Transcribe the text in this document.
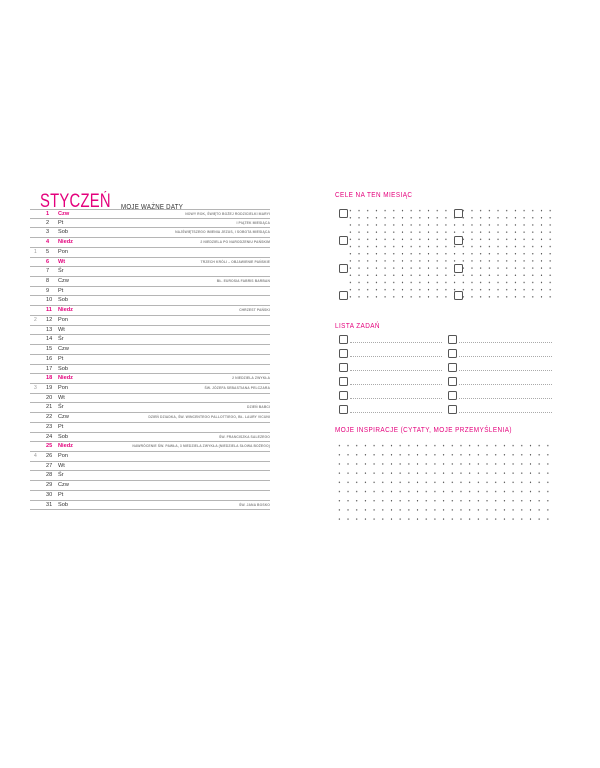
STYCZEŃ MOJE WAŻNE DATY
1 Czw	NOWY ROK, ŚWIĘTO BOŻEJ RODZICIELKI MARYI
2 Pt	I PIĄTEK MIESIĄCA
3 Sob	NAJŚWIĘTSZEGO IMIENIA JEZUS, I SOBOTA MIESIĄCA
4 Niedz	2 NIEDZIELA PO NARODZENIU PAŃSKIM
1 5 Pon
6 Wt	TRZECH KRÓLI – OBJAWIENIE PAŃSKIE
7 Śr
8 Czw	BŁ. EUROSIA FABRIS BARBAN
9 Pt
10 Sob
11 Niedz	CHRZEST PAŃSKI
2 12 Pon
13 Wt
14 Śr
15 Czw
16 Pt
17 Sob
18 Niedz	2 NIEDZIELA ZWYKŁA
3 19 Pon	ŚW. JÓZEFA SEBASTIANA PELCZARA
20 Wt
21 Śr	DZIEŃ BABCI
22 Czw	DZIEŃ DZIADKA, ŚW. WINCENTEGO PALLOTTIEGO, BŁ. LAURY VICUNI
23 Pt
24 Sob	ŚW. FRANCISZKA SALEZEGO
25 Niedz	NAWRÓCENIE ŚW. PAWŁA, 3 NIEDZIELA ZWYKŁA (NIEDZIELA SŁOWA BOŻEGO)
4 26 Pon
27 Wt
28 Śr
29 Czw
30 Pt
31 Sob	ŚW. JANA BOSKO
CELE NA TEN MIESIĄC
LISTA ZADAŃ
MOJE INSPIRACJE (CYTATY, MOJE PRZEMYŚLENIA)
